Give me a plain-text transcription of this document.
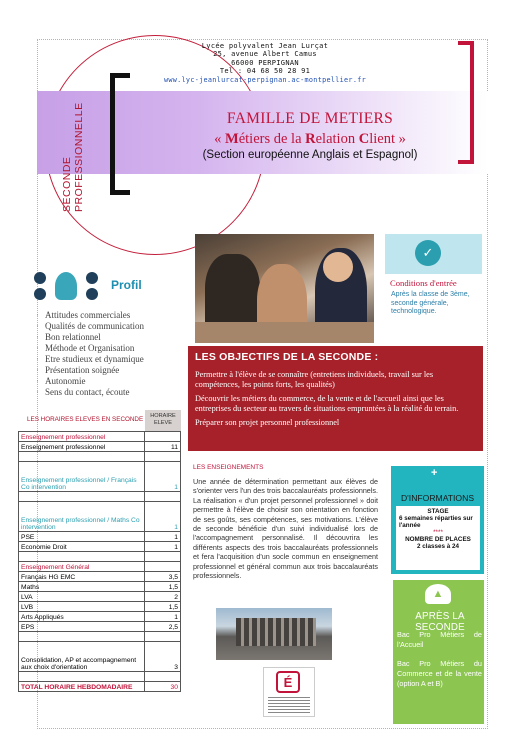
SECONDE PROFESSIONNELLE
Lycée polyvalent Jean Lurçat
25, avenue Albert Camus
66000 PERPIGNAN
Tel : 04 68 50 28 91
www.lyc-jeanlurcat-perpignan.ac-montpellier.fr
FAMILLE DE METIERS
« Métiers de la Relation Client »
(Section européenne Anglais et Espagnol)
✓
Conditions d'entrée
Après la classe de 3ème, seconde générale, technologique.
Profil
· Attitudes commerciales
· Qualités de communication
· Bon relationnel
· Méthode et Organisation
· Etre studieux et dynamique
· Présentation soignée
· Autonomie
· Sens du contact, écoute
LES OBJECTIFS DE LA SECONDE :

Permettre à l'élève de se connaître (entretiens individuels, travail sur les compétences, les points forts, les qualités)

Découvrir les métiers du commerce, de la vente et de l'accueil ainsi que les entreprises du secteur au travers de situations empruntées à la réalité du terrain.

Préparer son projet personnel professionnel

LES ENSEIGNEMENTS
Une année de détermination permettant aux élèves de s'orienter vers l'un des trois baccalauréats professionnels. La réalisation « d'un projet personnel professionnel » doit permettre à l'élève de choisir son orientation en fonction de ses goûts, ses compétences, ses motivations. L'élève de seconde bénéficie d'un suivi individualisé lors de l'accompagnement personnalisé. Il découvrira les différents aspects des trois baccalauréats professionnels et fera l'acquisition d'un socle commun en enseignement professionnel et général commun aux trois baccalauréats professionnels.
+
D'INFORMATIONS
STAGE
6 semaines réparties sur l'année
****
NOMBRE DE PLACES
2 classes à 24
▲
APRÈS LA SECONDE
Bac Pro Métiers de l'Accueil
Bac Pro Métiers du Commerce et de la vente (option A et B)
É
LES HORAIRES ELEVES EN SECONDE	HORAIRE ELEVE
Enseignement professionnel	
Enseignement professionnel	11

Enseignement professionnel / Français Co intervention	1

Enseignement professionnel / Maths Co intervention	1
PSE	1
Economie Droit	1

Enseignement Général	
Français HG EMC	3,5
Maths	1,5
LVA	2
LVB	1,5
Arts Appliqués	1
EPS	2,5

Consolidation, AP et accompagnement aux choix d'orientation	3

TOTAL HORAIRE HEBDOMADAIRE	30
